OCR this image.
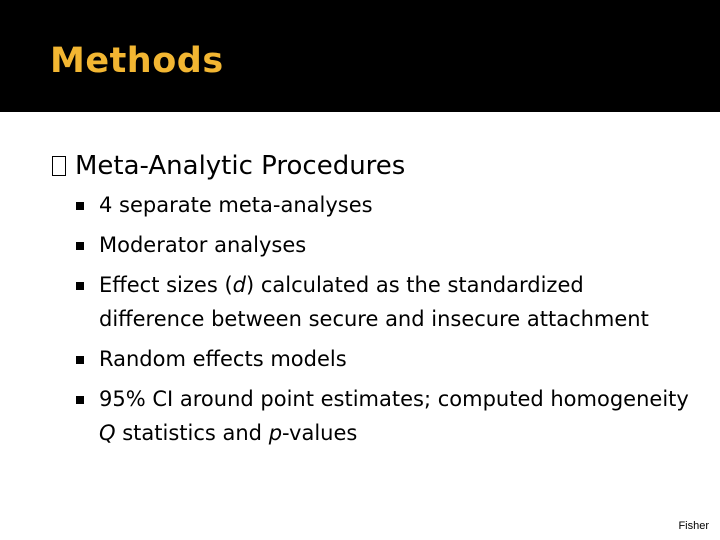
Methods

Meta-Analytic Procedures

4 separate meta-analyses
Moderator analyses
Effect sizes (d) calculated as the standardized difference between secure and insecure attachment
Random effects models
95% CI around point estimates; computed homogeneity Q statistics and p-values
Fisher
